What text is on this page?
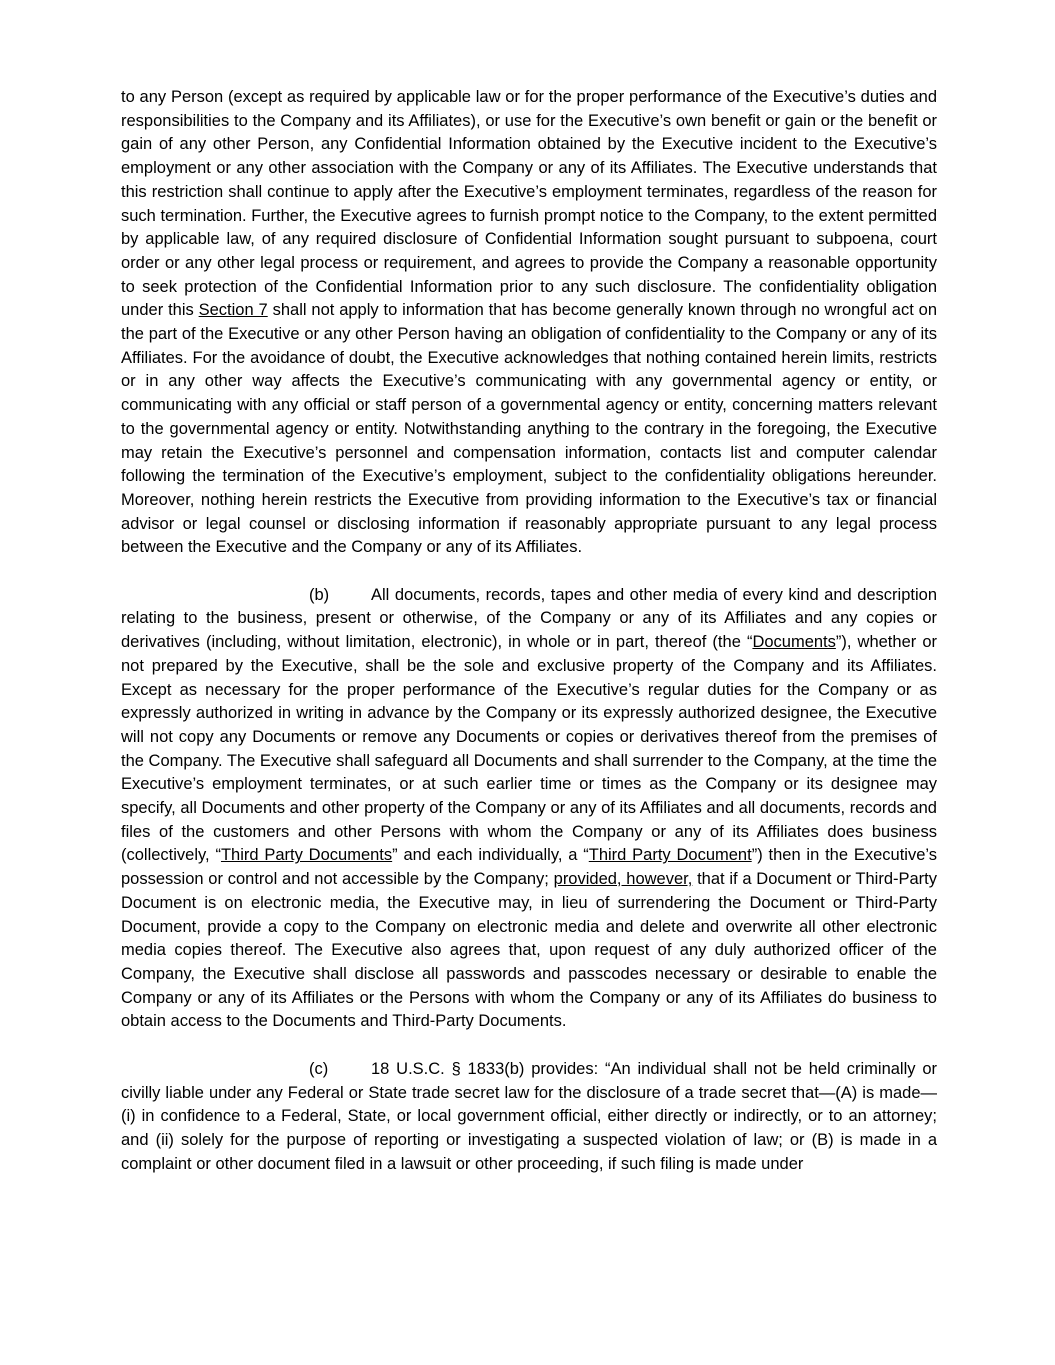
to any Person (except as required by applicable law or for the proper performance of the Executive’s duties and responsibilities to the Company and its Affiliates), or use for the Executive’s own benefit or gain or the benefit or gain of any other Person, any Confidential Information obtained by the Executive incident to the Executive’s employment or any other association with the Company or any of its Affiliates. The Executive understands that this restriction shall continue to apply after the Executive’s employment terminates, regardless of the reason for such termination. Further, the Executive agrees to furnish prompt notice to the Company, to the extent permitted by applicable law, of any required disclosure of Confidential Information sought pursuant to subpoena, court order or any other legal process or requirement, and agrees to provide the Company a reasonable opportunity to seek protection of the Confidential Information prior to any such disclosure. The confidentiality obligation under this Section 7 shall not apply to information that has become generally known through no wrongful act on the part of the Executive or any other Person having an obligation of confidentiality to the Company or any of its Affiliates. For the avoidance of doubt, the Executive acknowledges that nothing contained herein limits, restricts or in any other way affects the Executive’s communicating with any governmental agency or entity, or communicating with any official or staff person of a governmental agency or entity, concerning matters relevant to the governmental agency or entity. Notwithstanding anything to the contrary in the foregoing, the Executive may retain the Executive’s personnel and compensation information, contacts list and computer calendar following the termination of the Executive’s employment, subject to the confidentiality obligations hereunder. Moreover, nothing herein restricts the Executive from providing information to the Executive’s tax or financial advisor or legal counsel or disclosing information if reasonably appropriate pursuant to any legal process between the Executive and the Company or any of its Affiliates.

(b)	All documents, records, tapes and other media of every kind and description relating to the business, present or otherwise, of the Company or any of its Affiliates and any copies or derivatives (including, without limitation, electronic), in whole or in part, thereof (the “Documents”), whether or not prepared by the Executive, shall be the sole and exclusive property of the Company and its Affiliates. Except as necessary for the proper performance of the Executive’s regular duties for the Company or as expressly authorized in writing in advance by the Company or its expressly authorized designee, the Executive will not copy any Documents or remove any Documents or copies or derivatives thereof from the premises of the Company. The Executive shall safeguard all Documents and shall surrender to the Company, at the time the Executive’s employment terminates, or at such earlier time or times as the Company or its designee may specify, all Documents and other property of the Company or any of its Affiliates and all documents, records and files of the customers and other Persons with whom the Company or any of its Affiliates does business (collectively, “Third Party Documents” and each individually, a “Third Party Document”) then in the Executive’s possession or control and not accessible by the Company; provided, however, that if a Document or Third-Party Document is on electronic media, the Executive may, in lieu of surrendering the Document or Third-Party Document, provide a copy to the Company on electronic media and delete and overwrite all other electronic media copies thereof. The Executive also agrees that, upon request of any duly authorized officer of the Company, the Executive shall disclose all passwords and passcodes necessary or desirable to enable the Company or any of its Affiliates or the Persons with whom the Company or any of its Affiliates do business to obtain access to the Documents and Third-Party Documents.

(c)	18 U.S.C. § 1833(b) provides: “An individual shall not be held criminally or civilly liable under any Federal or State trade secret law for the disclosure of a trade secret that—(A) is made—(i) in confidence to a Federal, State, or local government official, either directly or indirectly, or to an attorney; and (ii) solely for the purpose of reporting or investigating a suspected violation of law; or (B) is made in a complaint or other document filed in a lawsuit or other proceeding, if such filing is made under
